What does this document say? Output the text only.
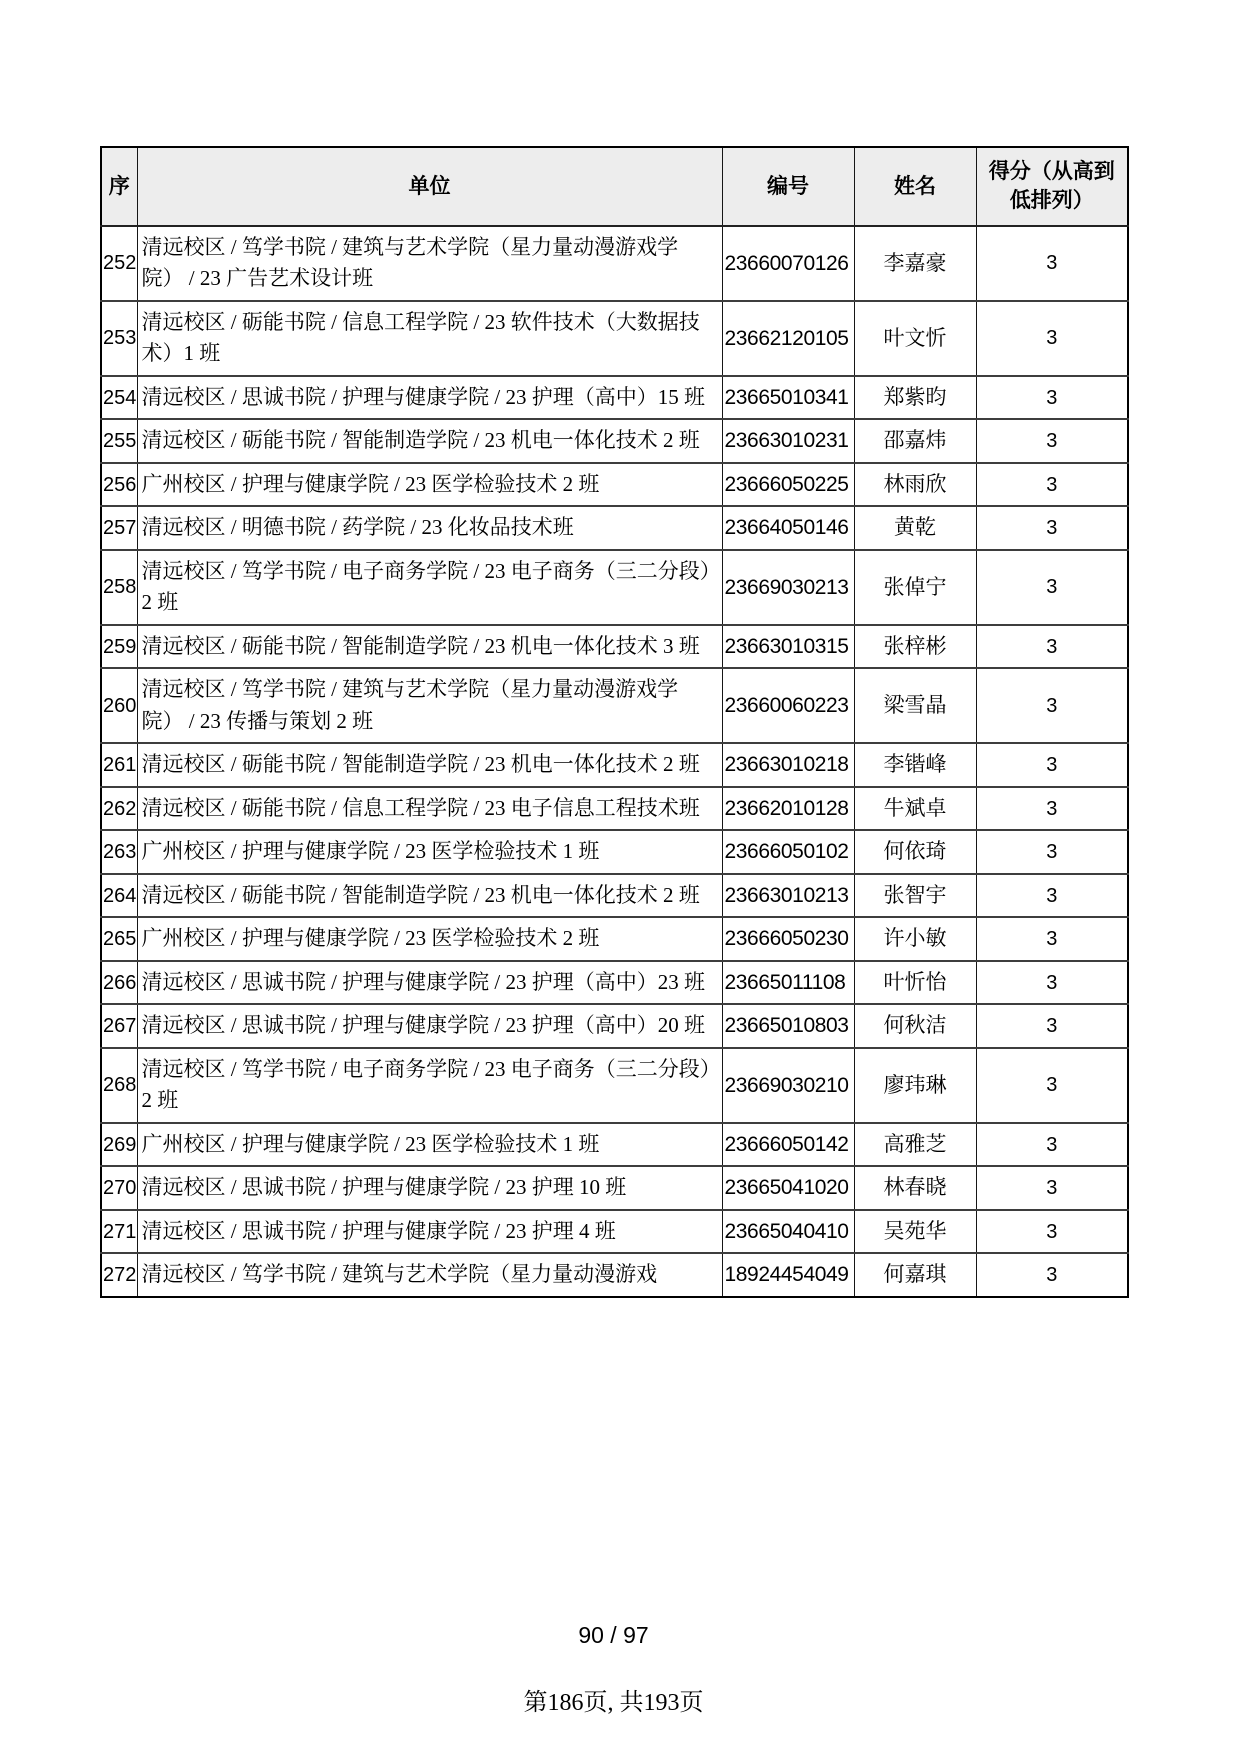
序	单位	编号	姓名	得分（从高到低排列）
252	清远校区 / 笃学书院 / 建筑与艺术学院（星力量动漫游戏学院） / 23 广告艺术设计班	23660070126	李嘉豪	3
253	清远校区 / 砺能书院 / 信息工程学院 / 23 软件技术（大数据技术）1 班	23662120105	叶文忻	3
254	清远校区 / 思诚书院 / 护理与健康学院 / 23 护理（高中）15 班	23665010341	郑紫昀	3
255	清远校区 / 砺能书院 / 智能制造学院 / 23 机电一体化技术 2 班	23663010231	邵嘉炜	3
256	广州校区 / 护理与健康学院 / 23 医学检验技术 2 班	23666050225	林雨欣	3
257	清远校区 / 明德书院 / 药学院 / 23 化妆品技术班	23664050146	黄乾	3
258	清远校区 / 笃学书院 / 电子商务学院 / 23 电子商务（三二分段）2 班	23669030213	张倬宁	3
259	清远校区 / 砺能书院 / 智能制造学院 / 23 机电一体化技术 3 班	23663010315	张梓彬	3
260	清远校区 / 笃学书院 / 建筑与艺术学院（星力量动漫游戏学院） / 23 传播与策划 2 班	23660060223	梁雪晶	3
261	清远校区 / 砺能书院 / 智能制造学院 / 23 机电一体化技术 2 班	23663010218	李锴峰	3
262	清远校区 / 砺能书院 / 信息工程学院 / 23 电子信息工程技术班	23662010128	牛斌卓	3
263	广州校区 / 护理与健康学院 / 23 医学检验技术 1 班	23666050102	何依琦	3
264	清远校区 / 砺能书院 / 智能制造学院 / 23 机电一体化技术 2 班	23663010213	张智宇	3
265	广州校区 / 护理与健康学院 / 23 医学检验技术 2 班	23666050230	许小敏	3
266	清远校区 / 思诚书院 / 护理与健康学院 / 23 护理（高中）23 班	23665011108	叶忻怡	3
267	清远校区 / 思诚书院 / 护理与健康学院 / 23 护理（高中）20 班	23665010803	何秋洁	3
268	清远校区 / 笃学书院 / 电子商务学院 / 23 电子商务（三二分段）2 班	23669030210	廖玮琳	3
269	广州校区 / 护理与健康学院 / 23 医学检验技术 1 班	23666050142	高雅芝	3
270	清远校区 / 思诚书院 / 护理与健康学院 / 23 护理 10 班	23665041020	林春晓	3
271	清远校区 / 思诚书院 / 护理与健康学院 / 23 护理 4 班	23665040410	吴苑华	3
272	清远校区 / 笃学书院 / 建筑与艺术学院（星力量动漫游戏	18924454049	何嘉琪	3
90 / 97
第186页, 共193页
